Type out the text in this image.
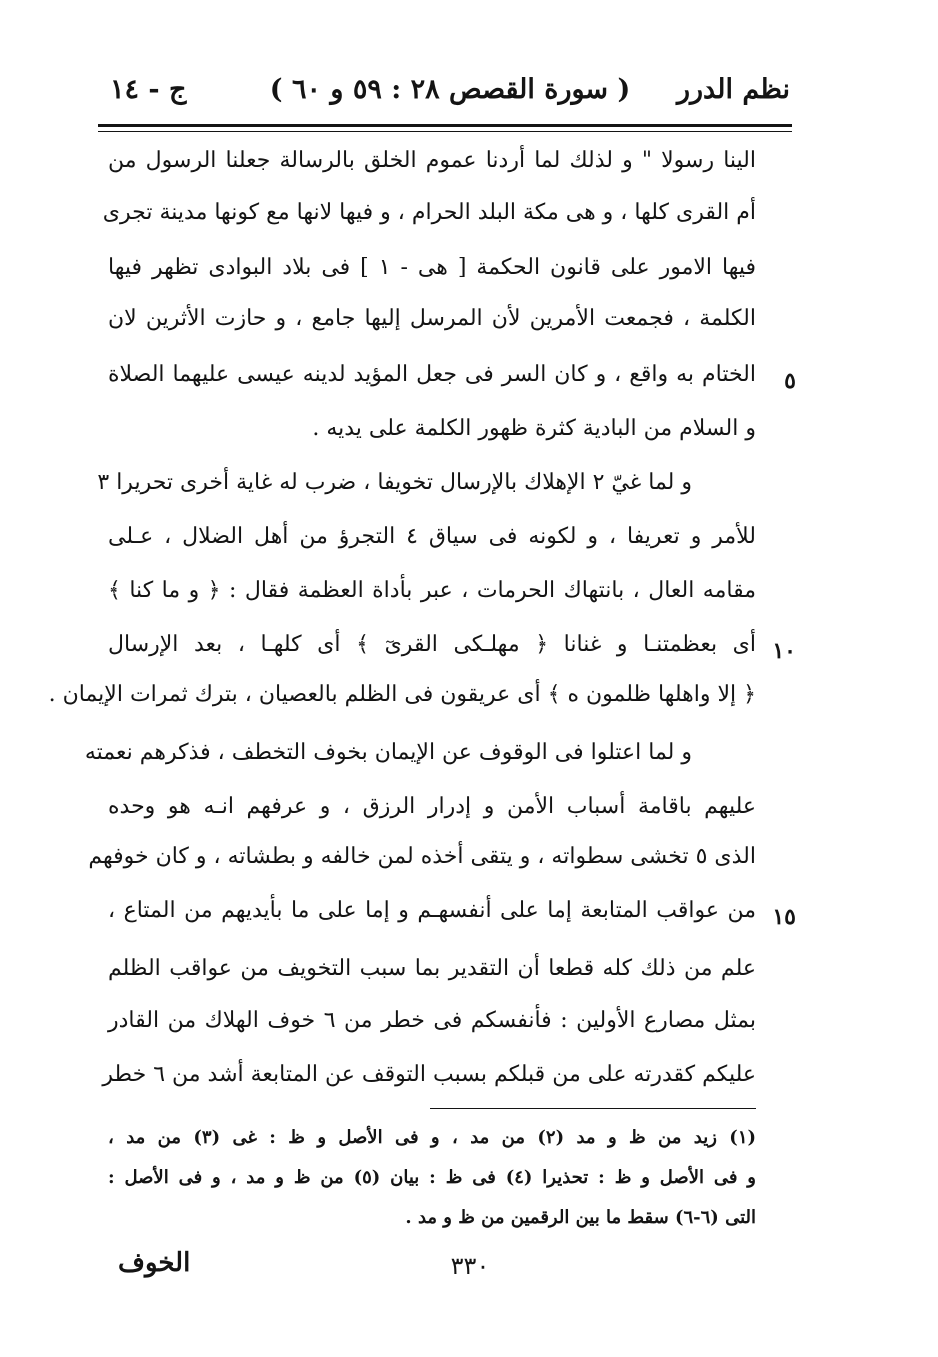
نظم الدرر
( سورة القصص ٢٨ : ٥٩ و ٦٠ )
ج - ١٤
الينا رسولا " و لذلك لما أردنا عموم الخلق بالرسالة جعلنا الرسول من
أم القرى كلها ، و هى مكة البلد الحرام ، و فيها لانها مع كونها مدينة تجرى
فيها الامور على قانون الحكمة [ هى - ١ ] فى بلاد البوادى تظهر فيها
الكلمة ، فجمعت الأمرين لأن المرسل إليها جامع ، و حازت الأثرين لان
الختام به واقع ، و كان السر فى جعل المؤيد لدينه عيسى عليهما الصلاة	٥
و السلام من البادية كثرة ظهور الكلمة على يديه .
و لما غيّ ٢ الإهلاك بالإرسال تخويفا ، ضرب له غاية أخرى تحريرا ٣
للأمر و تعريفا ، و لكونه فى سياق ٤ التجرؤ من أهل الضلال ، عـلى
مقامه العال ، بانتهاك الحرمات ، عبر بأداة العظمة فقال : ﴿ و ما كنا ﴾
أى بعظمتنـا و غنانا ﴿ مهلـكى القرىٓ ﴾ أى كلهـا ، بعد الإرسال ١٠
﴿ إلا واهلها ظلمون ه ﴾ أى عريقون فى الظلم بالعصيان ، بترك ثمرات الإيمان .
و لما اعتلوا فى الوقوف عن الإيمان بخوف التخطف ، فذكرهم نعمته
عليهم باقامة أسباب الأمن و إدرار الرزق ، و عرفهم انـه هو وحده
الذى ٥ تخشى سطواته ، و يتقى أخذه لمن خالفه و بطشاته ، و كان خوفهم
من عواقب المتابعة إما على أنفسهـم و إما على ما بأيديهم من المتاع ، ١٥
علم من ذلك كله قطعا أن التقدير بما سبب التخويف من عواقب الظلم
بمثل مصارع الأولين : فأنفسكم فى خطر من ٦ خوف الهلاك من القادر
عليكم كقدرته على من قبلكم بسبب التوقف عن المتابعة أشد من ٦ خطر
(١) زيد من ظ و مد (٢) من مد ، و فى الأصل و ظ : غى (٣) من مد ،
و فى الأصل و ظ : تحذيرا (٤) فى ظ : بيان (٥) من ظ و مد ، و فى الأصل :
التى (٦-٦) سقط ما بين الرقمين من ظ و مد .
٣٣٠
الخوف
